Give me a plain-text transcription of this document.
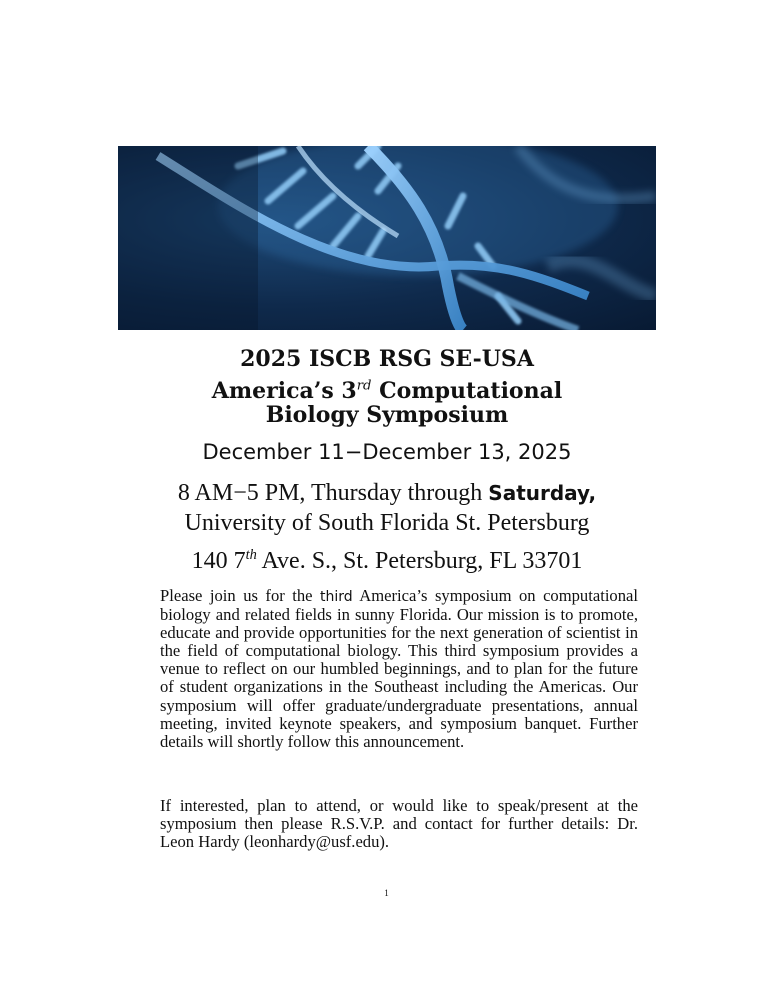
2025 ISCB RSG SE-USA
America’s 3rd Computational
Biology Symposium
December 11−December 13, 2025
8 AM−5 PM, Thursday through Saturday,
University of South Florida St. Petersburg
140 7th Ave. S., St. Petersburg, FL 33701

Please join us for the third America’s symposium on computational biology and related fields in sunny Florida. Our mission is to promote, educate and provide opportunities for the next generation of scientist in the field of computational biology. This third symposium provides a venue to reflect on our humbled beginnings, and to plan for the future of student organizations in the Southeast including the Americas. Our symposium will offer graduate/undergraduate presentations, annual meeting, invited keynote speakers, and symposium banquet. Further details will shortly follow this announcement.

If interested, plan to attend, or would like to speak/present at the symposium then please R.S.V.P. and contact for further details: Dr. Leon Hardy (leonhardy@usf.edu).

1
